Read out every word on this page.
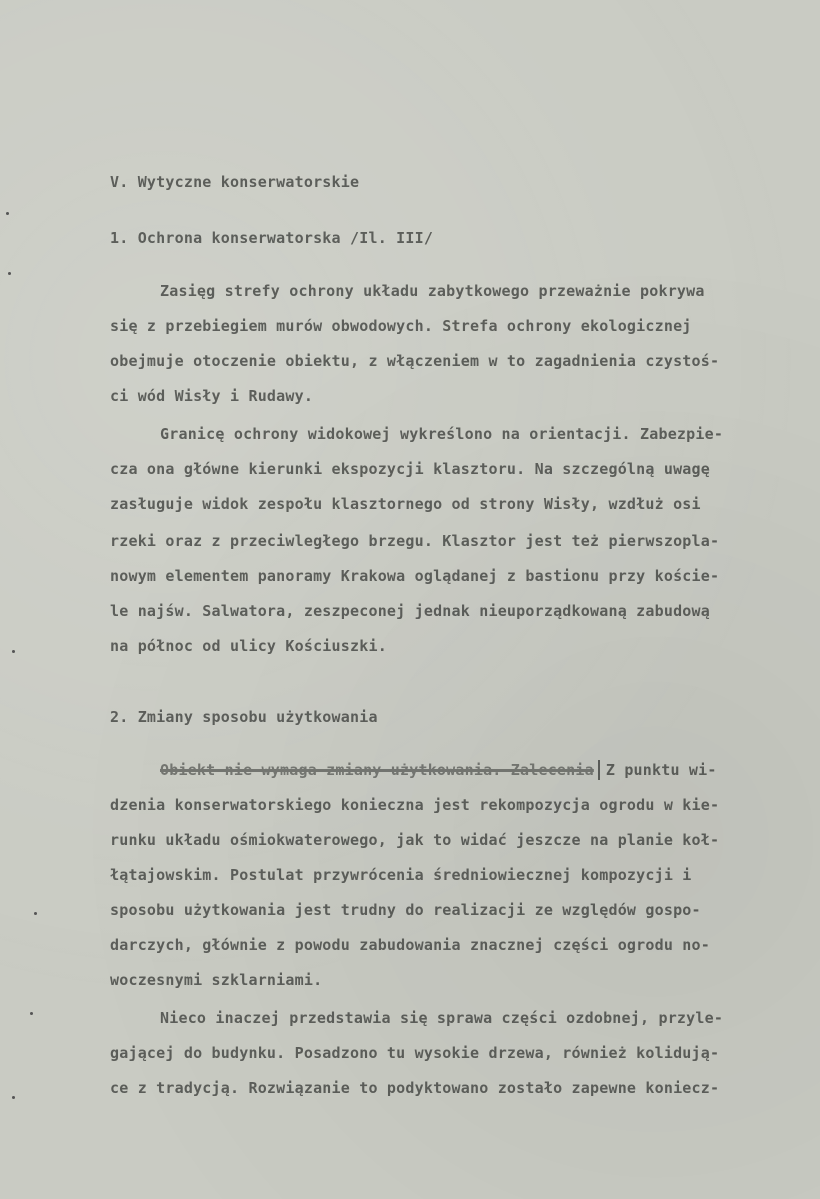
V. Wytyczne konserwatorskie
1. Ochrona konserwatorska /Il. III/
Zasięg strefy ochrony układu zabytkowego przeważnie pokrywa
się z przebiegiem murów obwodowych. Strefa ochrony ekologicznej
obejmuje otoczenie obiektu, z włączeniem w to zagadnienia czystoś-
ci wód Wisły i Rudawy.
Granicę ochrony widokowej wykreślono na orientacji. Zabezpie-
cza ona główne kierunki ekspozycji klasztoru. Na szczególną uwagę
zasługuje widok zespołu klasztornego od strony Wisły, wzdłuż osi
rzeki oraz z przeciwległego brzegu. Klasztor jest też pierwszopla-
nowym elementem panoramy Krakowa oglądanej z bastionu przy koście-
le najśw. Salwatora, zeszpeconej jednak nieuporządkowaną zabudową
na północ od ulicy Kościuszki.
2. Zmiany sposobu użytkowania
Obiekt nie wymaga zmiany użytkowania. Zalecenia Z punktu wi-
dzenia konserwatorskiego konieczna jest rekompozycja ogrodu w kie-
runku układu ośmiokwaterowego, jak to widać jeszcze na planie koł-
łątajowskim. Postulat przywrócenia średniowiecznej kompozycji i
sposobu użytkowania jest trudny do realizacji ze względów gospo-
darczych, głównie z powodu zabudowania znacznej części ogrodu no-
woczesnymi szklarniami.
Nieco inaczej przedstawia się sprawa części ozdobnej, przyle-
gającej do budynku. Posadzono tu wysokie drzewa, również kolidują-
ce z tradycją. Rozwiązanie to podyktowano zostało zapewne koniecz-
